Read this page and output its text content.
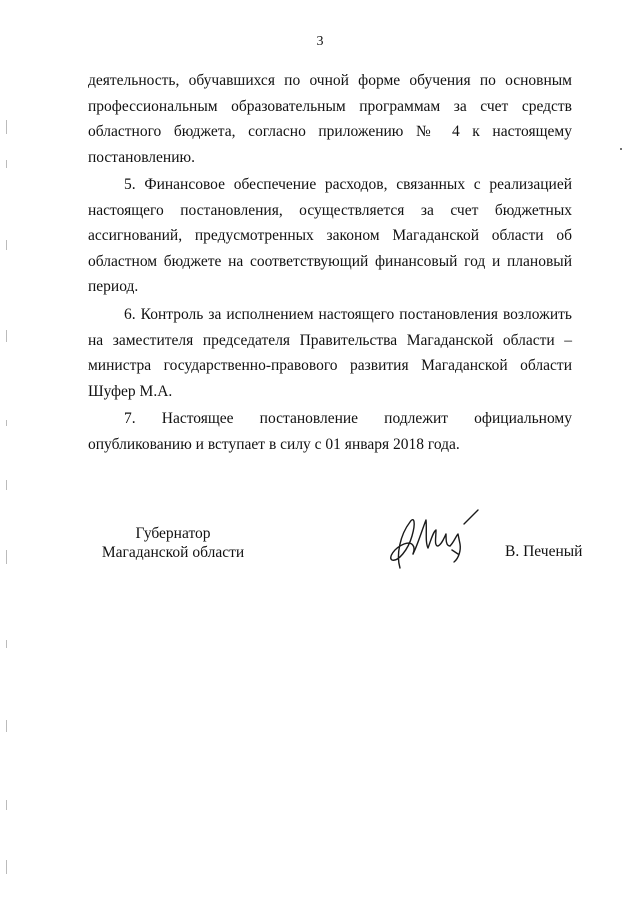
3
деятельность, обучавшихся по очной форме обучения по основным
профессиональным образовательным программам за счет средств
областного бюджета, согласно приложению № 4 к настоящему
постановлению.
5. Финансовое обеспечение расходов, связанных с реализацией
настоящего постановления, осуществляется за счет бюджетных
ассигнований, предусмотренных законом Магаданской области об
областном бюджете на соответствующий финансовый год и плановый
период.
6. Контроль за исполнением настоящего постановления возложить
на заместителя председателя Правительства Магаданской области –
министра государственно-правового развития Магаданской области
Шуфер М.А.
7. Настоящее постановление подлежит официальному
опубликованию и вступает в силу с 01 января 2018 года.
Губернатор
Магаданской области	В. Печеный
